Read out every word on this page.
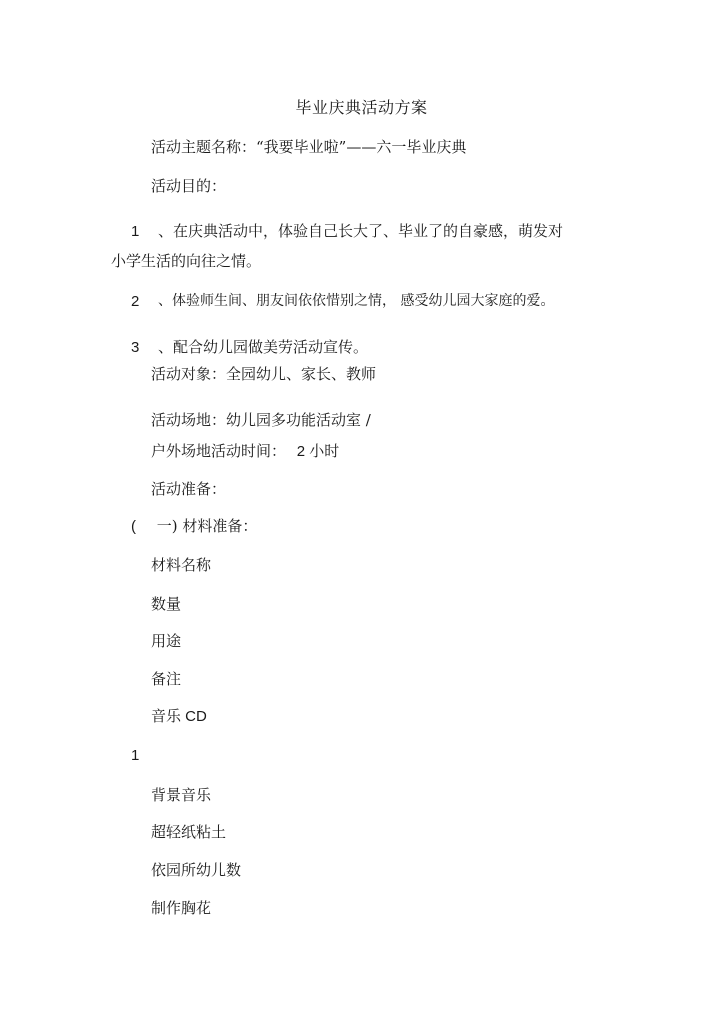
毕业庆典活动方案
活动主题名称：“我要毕业啦”——六一毕业庆典
活动目的：
1 、在庆典活动中，体验自己长大了、毕业了的自豪感，萌发对
小学生活的向往之情。
2 、体验师生间、朋友间依依惜别之情， 感受幼儿园大家庭的爱。
3 、配合幼儿园做美劳活动宣传。
活动对象：全园幼儿、家长、教师
活动场地：幼儿园多功能活动室 /
户外场地活动时间： 2 小时
活动准备：
( 一) 材料准备：
材料名称
数量
用途
备注
音乐 CD
1
背景音乐
超轻纸粘土
依园所幼儿数
制作胸花
